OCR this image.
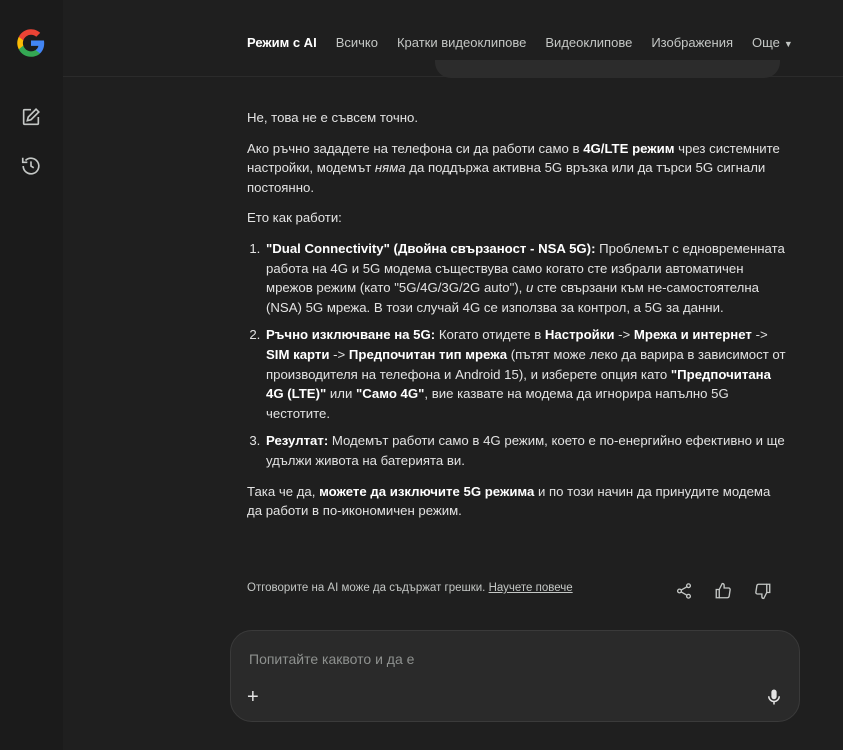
Режим с AI Всичко Кратки видеоклипове Видеоклипове Изображения Още ▼

Не, това не е съвсем точно.

Ако ръчно зададете на телефона си да работи само в 4G/LTE режим чрез системните настройки, модемът няма да поддържа активна 5G връзка или да търси 5G сигнали постоянно.

Ето как работи:

1. "Dual Connectivity" (Двойна свързаност - NSA 5G): Проблемът с едновременната работа на 4G и 5G модема съществува само когато сте избрали автоматичен мрежов режим (като "5G/4G/3G/2G auto"), и сте свързани към не-самостоятелна (NSA) 5G мрежа. В този случай 4G се използва за контрол, а 5G за данни.
2. Ръчно изключване на 5G: Когато отидете в Настройки -> Мрежа и интернет -> SIM карти -> Предпочитан тип мрежа (пътят може леко да варира в зависимост от производителя на телефона и Android 15), и изберете опция като "Предпочитана 4G (LTE)" или "Само 4G", вие казвате на модема да игнорира напълно 5G честотите.
3. Резултат: Модемът работи само в 4G режим, което е по-енергийно ефективно и ще удължи живота на батерията ви.

Така че да, можете да изключите 5G режима и по този начин да принудите модема да работи в по-икономичен режим.

Отговорите на AI може да съдържат грешки. Научете повече
Попитайте каквото и да е
+
